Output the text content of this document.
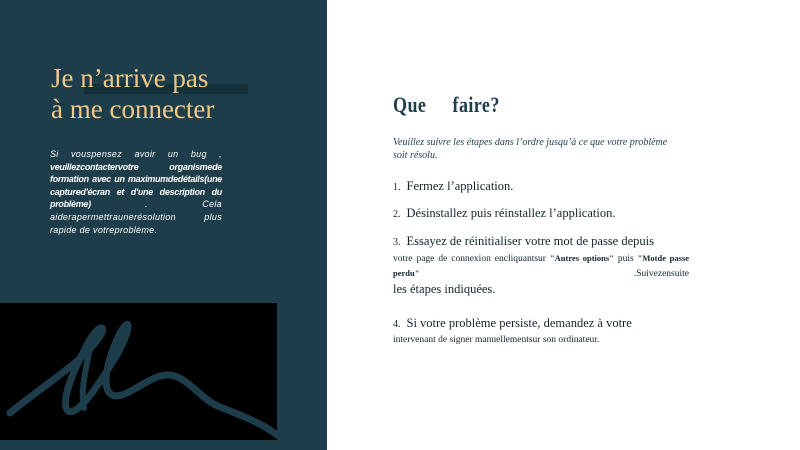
Je n’arrive pas
à me connecter
Si vouspensez avoir un bug , veuillezcontactervotre organismede formation avec un maximumdedétails(une captured'écran et d'une description du problème)	. Cela aiderapermettraunerésolution plus rapide de votreproblème.
Que faire?
Veuillez suivre les étapes dans l’ordre jusqu’à ce que votre problème soit résolu.
1. Fermez l’application.
2. Désinstallez puis réinstallez l’application.
3. Essayez de réinitialiser votre mot de passe depuis
votre page de connexion encliquantsur "Autres options" puis "Motde passe perdu"	.Suivezensuite
les étapes indiquées.
4. Si votre problème persiste, demandez à votre
intervenant de signer manuellementsur son ordinateur.
